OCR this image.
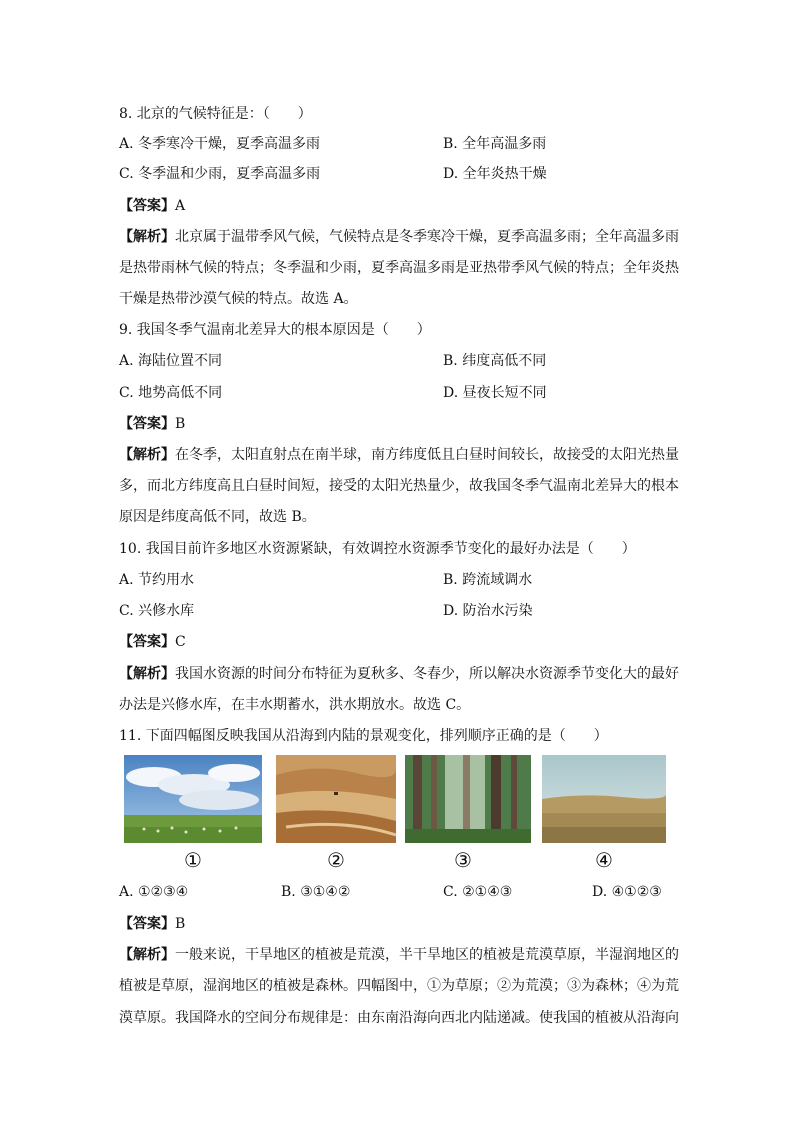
8. 北京的气候特征是：（　　）
A. 冬季寒冷干燥，夏季高温多雨	B. 全年高温多雨
C. 冬季温和少雨，夏季高温多雨	D. 全年炎热干燥
【答案】A
【解析】北京属于温带季风气候，气候特点是冬季寒冷干燥，夏季高温多雨；全年高温多雨
是热带雨林气候的特点；冬季温和少雨，夏季高温多雨是亚热带季风气候的特点；全年炎热
干燥是热带沙漠气候的特点。故选 A。
9. 我国冬季气温南北差异大的根本原因是（　　）
A. 海陆位置不同	B. 纬度高低不同
C. 地势高低不同	D. 昼夜长短不同
【答案】B
【解析】在冬季，太阳直射点在南半球，南方纬度低且白昼时间较长，故接受的太阳光热量
多，而北方纬度高且白昼时间短，接受的太阳光热量少，故我国冬季气温南北差异大的根本
原因是纬度高低不同，故选 B。
10. 我国目前许多地区水资源紧缺，有效调控水资源季节变化的最好办法是（　　）
A. 节约用水	B. 跨流域调水
C. 兴修水库	D. 防治水污染
【答案】C
【解析】我国水资源的时间分布特征为夏秋多、冬春少，所以解决水资源季节变化大的最好
办法是兴修水库，在丰水期蓄水，洪水期放水。故选 C。
11. 下面四幅图反映我国从沿海到内陆的景观变化，排列顺序正确的是（　　）
①	②	③	④
A. ①②③④	B. ③①④②	C. ②①④③	D. ④①②③
【答案】B
【解析】一般来说，干旱地区的植被是荒漠，半干旱地区的植被是荒漠草原，半湿润地区的
植被是草原，湿润地区的植被是森林。四幅图中，①为草原；②为荒漠；③为森林；④为荒
漠草原。我国降水的空间分布规律是：由东南沿海向西北内陆递减。使我国的植被从沿海向
